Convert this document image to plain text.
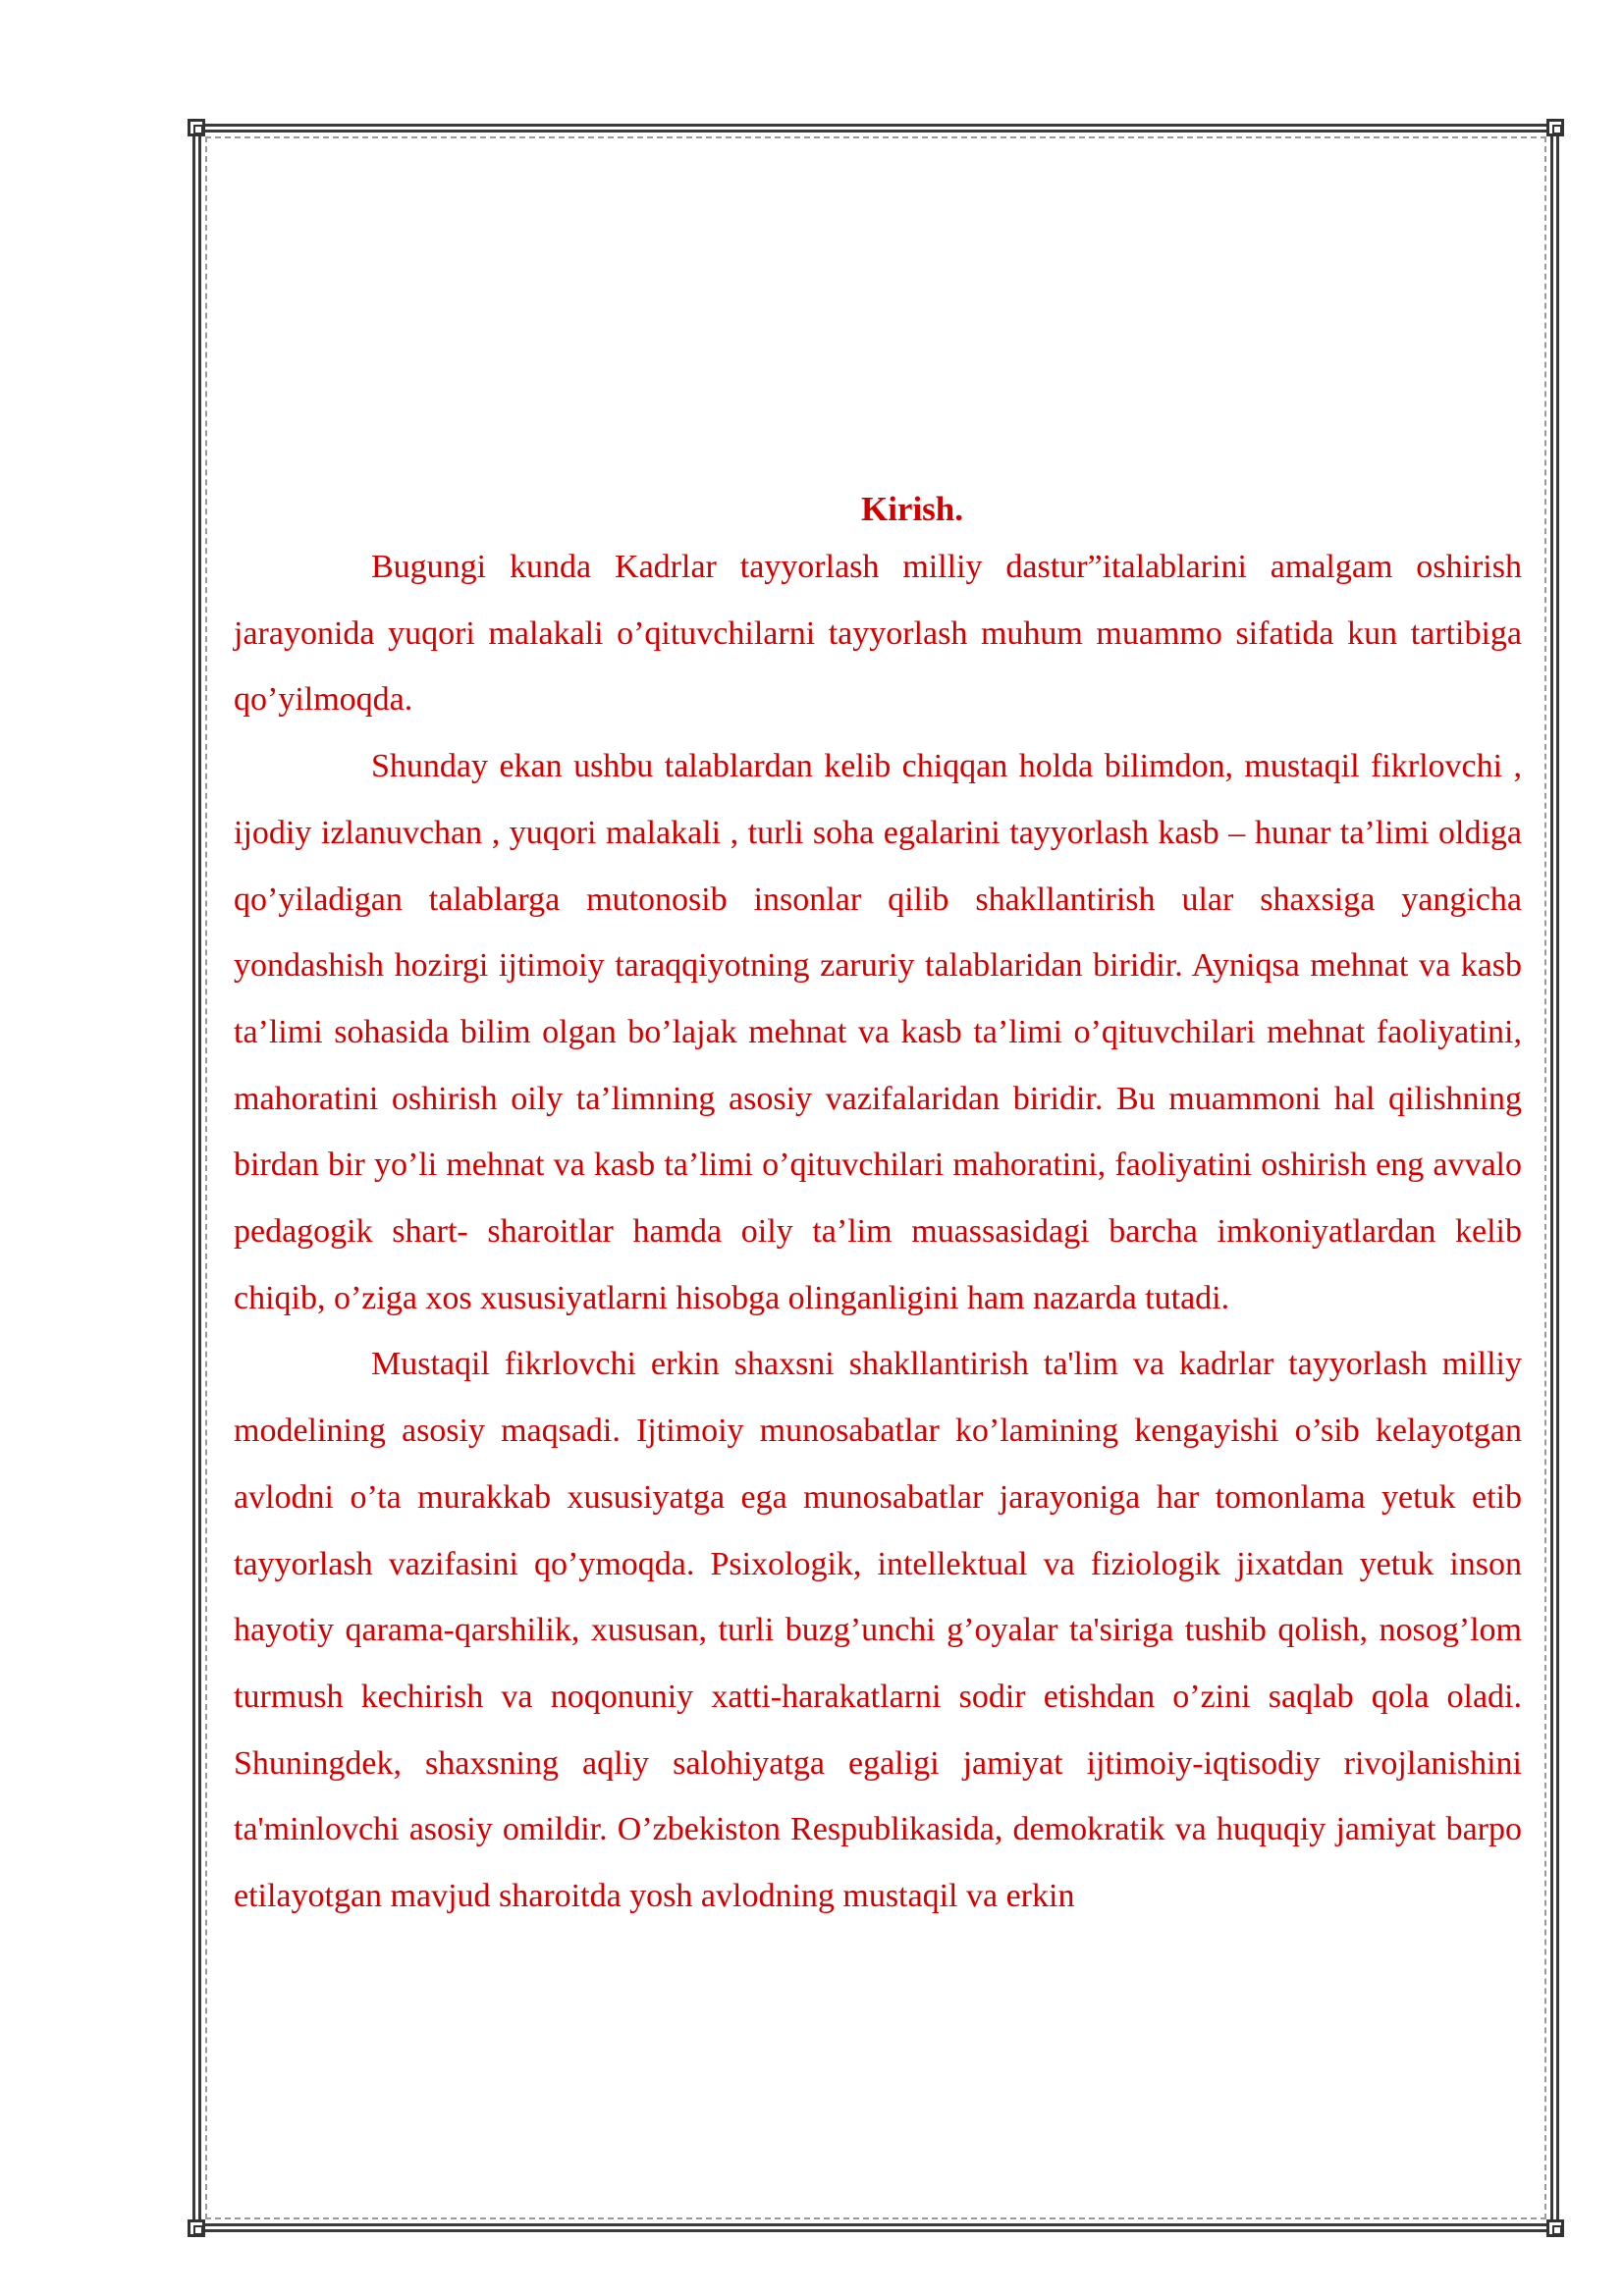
Kirish.

Bugungi kunda Kadrlar tayyorlash milliy dastur”italablarini amalgam oshirish jarayonida yuqori malakali o’qituvchilarni tayyorlash muhum muammo sifatida kun tartibiga qo’yilmoqda.

Shunday ekan ushbu talablardan kelib chiqqan holda bilimdon, mustaqil fikrlovchi , ijodiy izlanuvchan , yuqori malakali , turli soha egalarini tayyorlash kasb – hunar ta’limi oldiga qo’yiladigan talablarga mutonosib insonlar qilib shakllantirish ular shaxsiga yangicha yondashish hozirgi ijtimoiy taraqqiyotning zaruriy talablaridan biridir. Ayniqsa mehnat va kasb ta’limi sohasida bilim olgan bo’lajak mehnat va kasb ta’limi o’qituvchilari mehnat faoliyatini, mahoratini oshirish oily ta’limning asosiy vazifalaridan biridir. Bu muammoni hal qilishning birdan bir yo’li mehnat va kasb ta’limi o’qituvchilari mahoratini, faoliyatini oshirish eng avvalo pedagogik shart- sharoitlar hamda oily ta’lim muassasidagi barcha imkoniyatlardan kelib chiqib, o’ziga xos xususiyatlarni hisobga olinganligini ham nazarda tutadi.

Mustaqil fikrlovchi erkin shaxsni shakllantirish ta'lim va kadrlar tayyorlash milliy modelining asosiy maqsadi. Ijtimoiy munosabatlar ko’lamining kengayishi o’sib kelayotgan avlodni o’ta murakkab xususiyatga ega munosabatlar jarayoniga har tomonlama yetuk etib tayyorlash vazifasini qo’ymoqda. Psixologik, intellektual va fiziologik jixatdan yetuk inson hayotiy qarama-qarshilik, xususan, turli buzg’unchi g’oyalar ta'siriga tushib qolish, nosog’lom turmush kechirish va noqonuniy xatti-harakatlarni sodir etishdan o’zini saqlab qola oladi. Shuningdek, shaxsning aqliy salohiyatga egaligi jamiyat ijtimoiy-iqtisodiy rivojlanishini ta'minlovchi asosiy omildir. O’zbekiston Respublikasida, demokratik va huquqiy jamiyat barpo etilayotgan mavjud sharoitda yosh avlodning mustaqil va erkin
